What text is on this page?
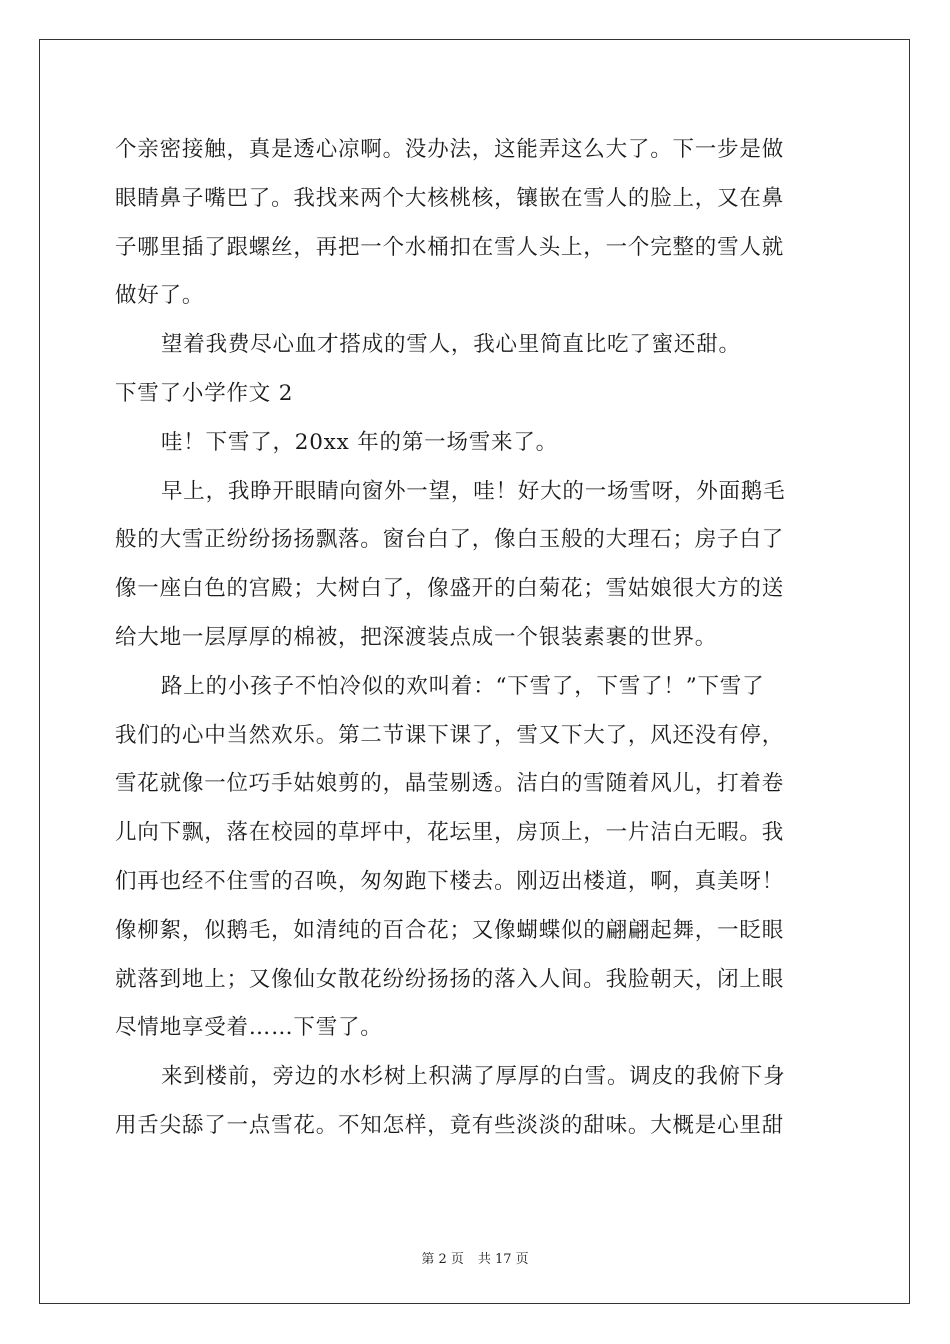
个亲密接触，真是透心凉啊。没办法，这能弄这么大了。下一步是做
眼睛鼻子嘴巴了。我找来两个大核桃核，镶嵌在雪人的脸上，又在鼻
子哪里插了跟螺丝，再把一个水桶扣在雪人头上，一个完整的雪人就
做好了。
望着我费尽心血才搭成的雪人，我心里简直比吃了蜜还甜。
下雪了小学作文 2
哇！下雪了，20xx 年的第一场雪来了。
早上，我睁开眼睛向窗外一望，哇！好大的一场雪呀，外面鹅毛
般的大雪正纷纷扬扬飘落。窗台白了，像白玉般的大理石；房子白了
像一座白色的宫殿；大树白了，像盛开的白菊花；雪姑娘很大方的送
给大地一层厚厚的棉被，把深渡装点成一个银装素裹的世界。
路上的小孩子不怕冷似的欢叫着：“下雪了，下雪了！”下雪了
我们的心中当然欢乐。第二节课下课了，雪又下大了，风还没有停，
雪花就像一位巧手姑娘剪的，晶莹剔透。洁白的雪随着风儿，打着卷
儿向下飘，落在校园的草坪中，花坛里，房顶上，一片洁白无暇。我
们再也经不住雪的召唤，匆匆跑下楼去。刚迈出楼道，啊，真美呀！
像柳絮，似鹅毛，如清纯的百合花；又像蝴蝶似的翩翩起舞，一眨眼
就落到地上；又像仙女散花纷纷扬扬的落入人间。我脸朝天，闭上眼
尽情地享受着……下雪了。
来到楼前，旁边的水杉树上积满了厚厚的白雪。调皮的我俯下身
用舌尖舔了一点雪花。不知怎样，竟有些淡淡的甜味。大概是心里甜
第 2 页 共 17 页
